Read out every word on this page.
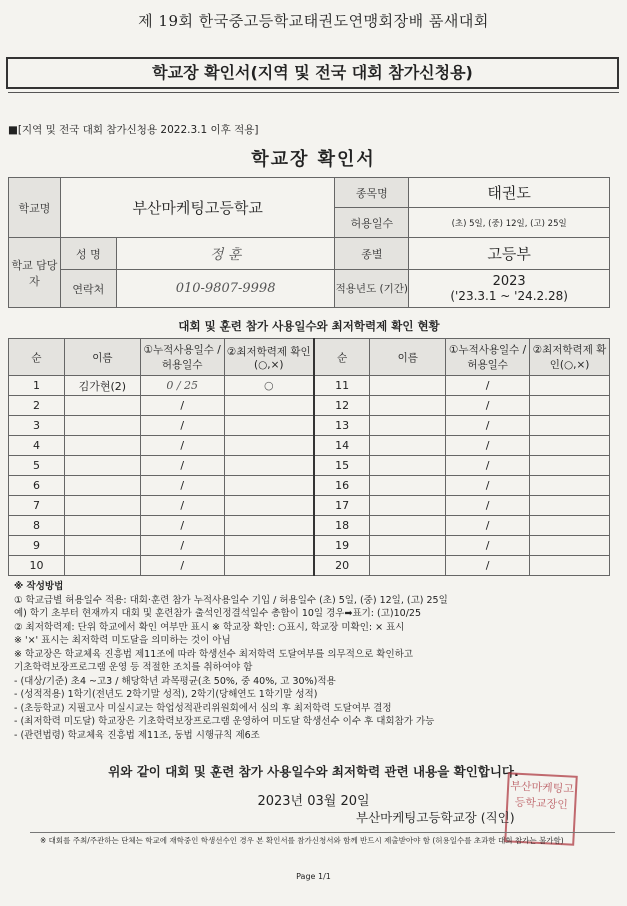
제 19회 한국중고등학교태권도연맹회장배 품새대회
학교장 확인서(지역 및 전국 대회 참가신청용)
■[지역 및 전국 대회 참가신청용 2022.3.1 이후 적용]
학교장 확인서
학교명	부산마케팅고등학교		종목명	태권도
			허용일수	(초) 5일, (중) 12일, (고) 25일
학교 담당자	성 명	정 훈	종별	고등부
	연락처	010-9807-9998	적용년도 (기간)	2023
('23.3.1 ~ '24.2.28)
대회 및 훈련 참가 사용일수와 최저학력제 확인 현황
순	이름	①누적사용일수 /허용일수	②최저학력제 확인(○,×)	순	이름	①누적사용일수 /허용일수	②최저학력제 확인(○,×)
1	김가현(2)	0 / 25	○	11		/	
2		/		12		/	
3		/		13		/	
4		/		14		/	
5		/		15		/	
6		/		16		/	
7		/		17		/	
8		/		18		/	
9		/		19		/	
10		/		20		/	
※ 작성방법
① 학교급별 허용일수 적용: 대회·훈련 참가 누적사용일수 기입 / 허용일수 (초) 5일, (중) 12일, (고) 25일
예) 학기 초부터 현재까지 대회 및 훈련참가 출석인정결석일수 총합이 10일 경우➡표기: (고)10/25
② 최저학력제: 단위 학교에서 확인 여부만 표시 ※ 학교장 확인: ○표시, 학교장 미확인: × 표시
※ '×' 표시는 최저학력 미도달을 의미하는 것이 아님
※ 학교장은 학교체육 진흥법 제11조에 따라 학생선수 최저학력 도달여부를 의무적으로 확인하고
기초학력보장프로그램 운영 등 적절한 조치를 취하여야 함
- (대상/기준) 초4 ~고3 / 해당학년 과목평균(초 50%, 중 40%, 고 30%)적용
- (성적적용) 1학기(전년도 2학기말 성적), 2학기(당해연도 1학기말 성적)
- (초등학교) 지필고사 미실시교는 학업성적관리위원회에서 심의 후 최저학력 도달여부 결정
- (최저학력 미도달) 학교장은 기초학력보장프로그램 운영하여 미도달 학생선수 이수 후 대회참가 가능
- (관련법령) 학교체육 진흥법 제11조, 동법 시행규칙 제6조
위와 같이 대회 및 훈련 참가 사용일수와 최저학력 관련 내용을 확인합니다.
2023년 03월 20일
부산마케팅고등학교장인
부산마케팅고등학교장 (직인)
※ 대회를 주최/주관하는 단체는 학교에 재학중인 학생선수인 경우 본 확인서를 참가신청서와 함께 반드시 제출받아야 함 (허용일수를 초과한 대회 참가는 불가함)
Page 1/1
